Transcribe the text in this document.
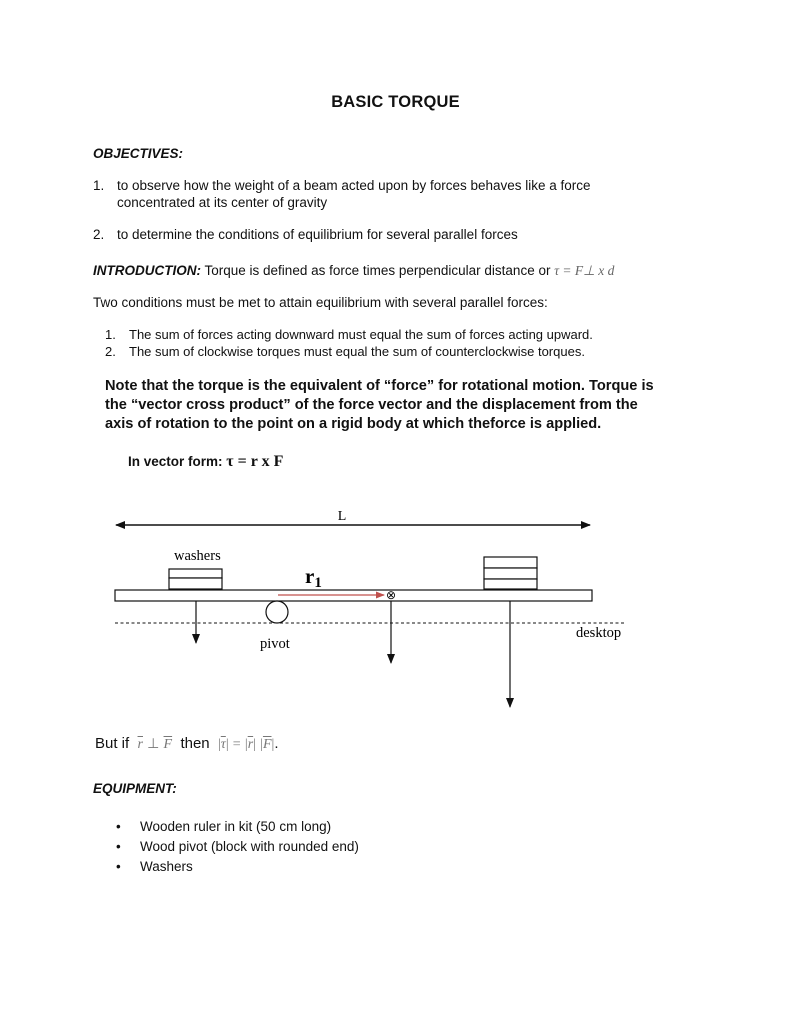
BASIC TORQUE
OBJECTIVES:
1. to observe how the weight of a beam acted upon by forces behaves like a force
concentrated at its center of gravity
2. to determine the conditions of equilibrium for several parallel forces
INTRODUCTION: Torque is defined as force times perpendicular distance or τ = F⊥ x d
Two conditions must be met to attain equilibrium with several parallel forces:
1. The sum of forces acting downward must equal the sum of forces acting upward.
2. The sum of clockwise torques must equal the sum of counterclockwise torques.
Note that the torque is the equivalent of “force” for rotational motion. Torque is
the “vector cross product” of the force vector and the displacement from the
axis of rotation to the point on a rigid body at which theforce is applied.
In vector form: τ = r x F
L
washers
r1
⊗
pivot
desktop
But if $\overline{r}$ ⊥ $\overline{F}$ then $|\overline{\tau}| = |\overline{r}|$ $|\overline{F}|$.
EQUIPMENT:
• Wooden ruler in kit (50 cm long)
• Wood pivot (block with rounded end)
• Washers
